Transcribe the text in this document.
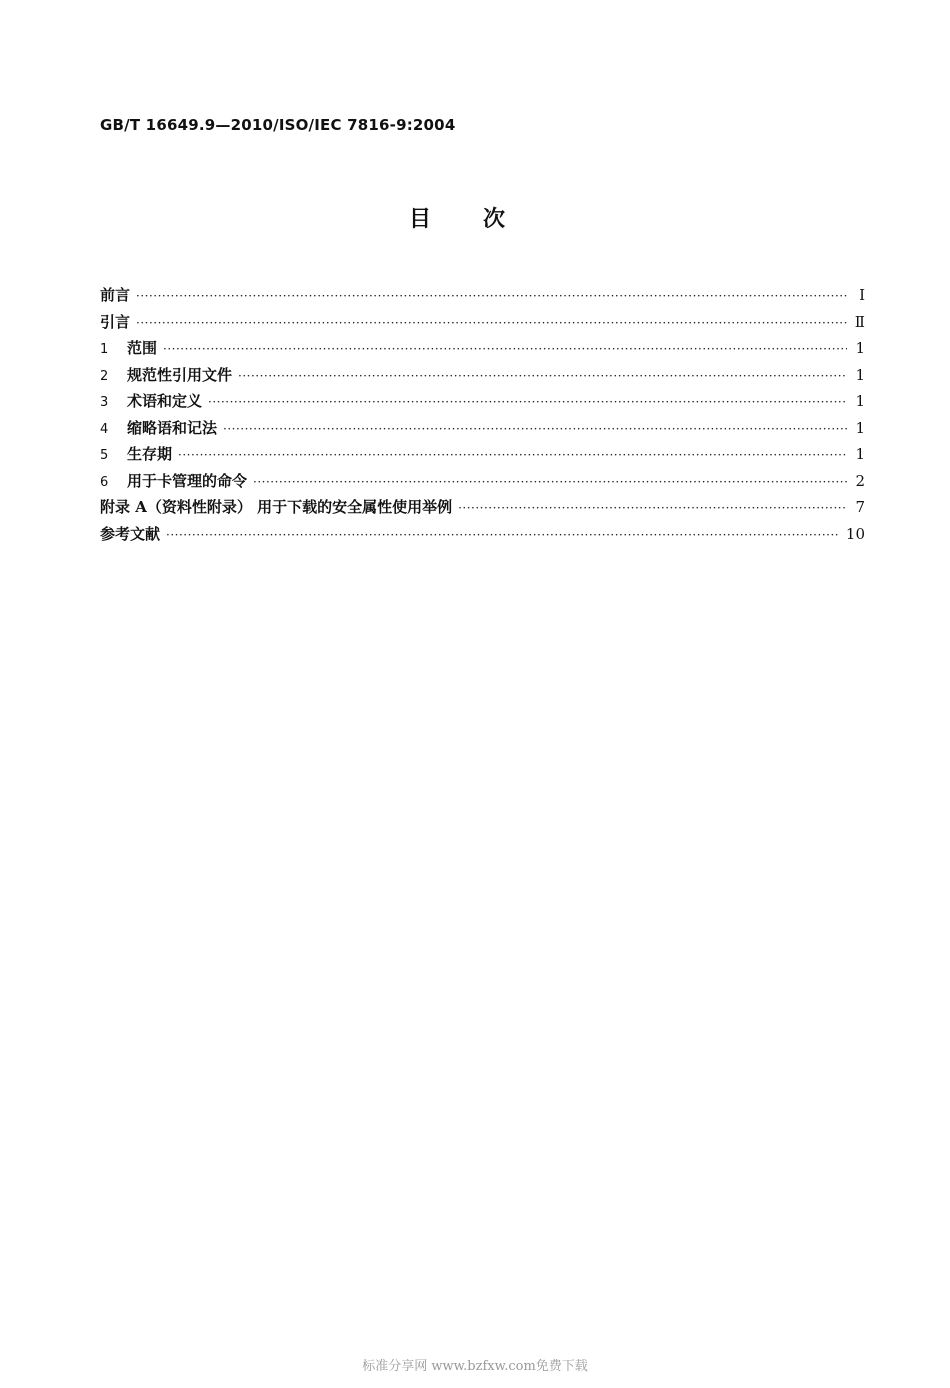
GB/T 16649.9—2010/ISO/IEC 7816-9:2004
目次
前言 ·····	Ⅰ
引言 ·····	Ⅱ
1 范围 ·····	1
2 规范性引用文件 ·····	1
3 术语和定义 ·····	1
4 缩略语和记法 ·····	1
5 生存期 ·····	1
6 用于卡管理的命令 ·····	2
附录 A（资料性附录） 用于下载的安全属性使用举例 ·····	7
参考文献 ·····	10
标准分享网 www.bzfxw.com免费下载
